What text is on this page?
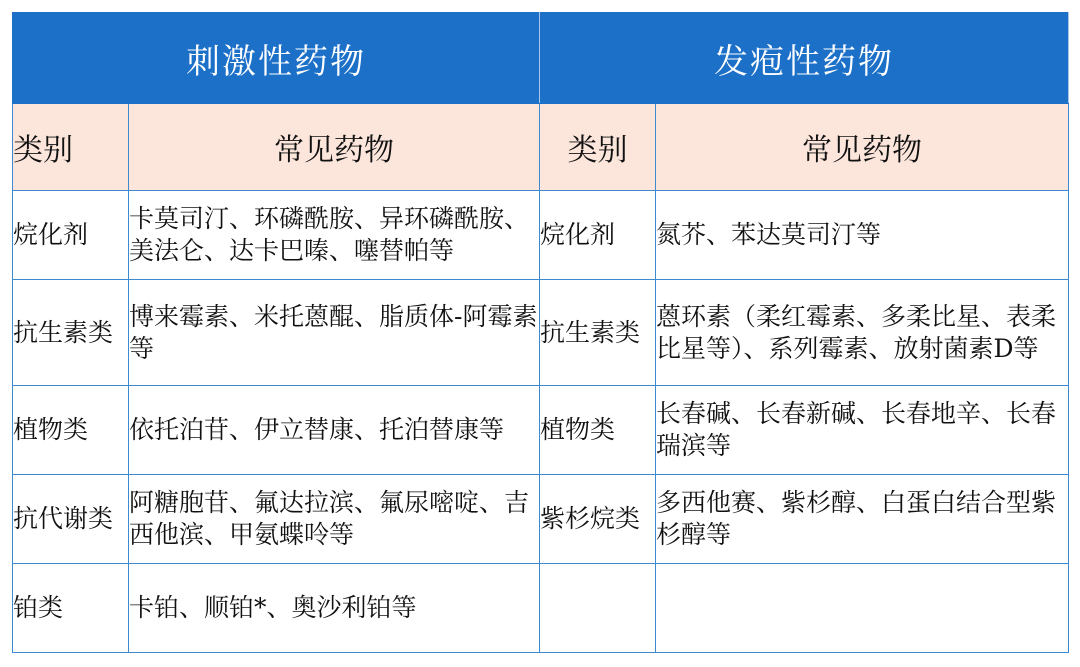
刺激性药物		发疱性药物	
类别	常见药物	类别	常见药物
烷化剂	卡莫司汀、环磷酰胺、异环磷酰胺、美法仑、达卡巴嗪、噻替帕等	烷化剂	氮芥、苯达莫司汀等
抗生素类	博来霉素、米托蒽醌、脂质体-阿霉素等	抗生素类	蒽环素（柔红霉素、多柔比星、表柔比星等）、系列霉素、放射菌素D等
植物类	依托泊苷、伊立替康、托泊替康等	植物类	长春碱、长春新碱、长春地辛、长春瑞滨等
抗代谢类	阿糖胞苷、氟达拉滨、氟尿嘧啶、吉西他滨、甲氨蝶呤等	紫杉烷类	多西他赛、紫杉醇、白蛋白结合型紫杉醇等
铂类	卡铂、顺铂*、奥沙利铂等		
